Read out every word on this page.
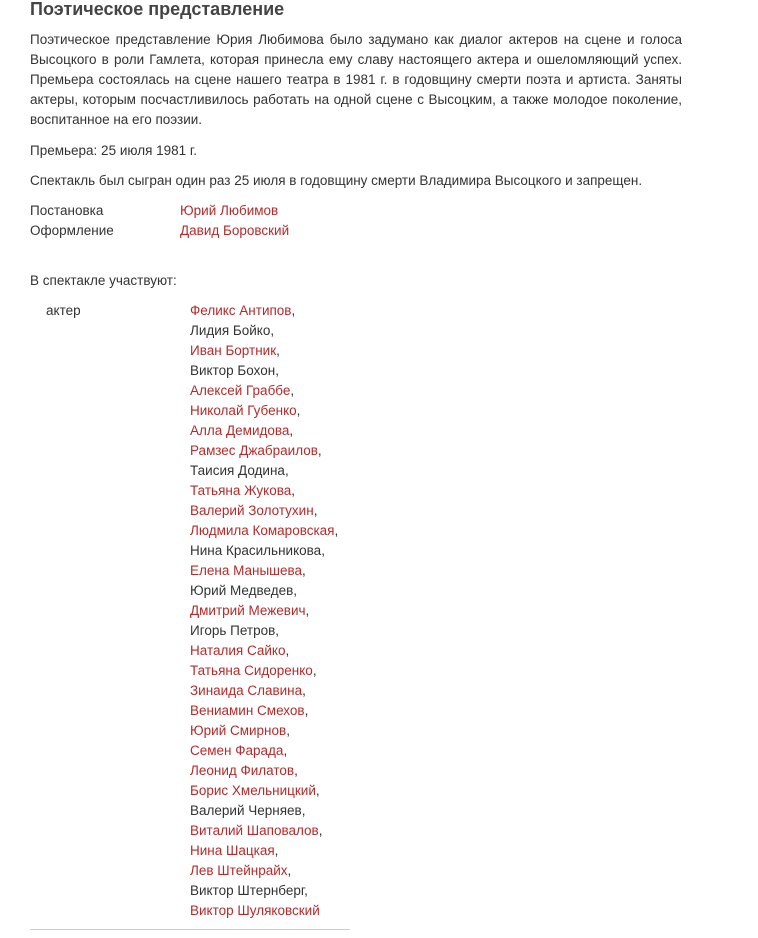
Поэтическое представление

Поэтическое представление Юрия Любимова было задумано как диалог актеров на сцене и голоса Высоцкого в роли Гамлета, которая принесла ему славу настоящего актера и ошеломляющий успех. Премьера состоялась на сцене нашего театра в 1981 г. в годовщину смерти поэта и артиста. Заняты актеры, которым посчастливилось работать на одной сцене с Высоцким, а также молодое поколение, воспитанное на его поэзии.

Премьера: 25 июля 1981 г.

Спектакль был сыгран один раз 25 июля в годовщину смерти Владимира Высоцкого и запрещен.

Постановка	Юрий Любимов
Оформление	Давид Боровский

В спектакле участвуют:

актер	Феликс Антипов,
Лидия Бойко,
Иван Бортник,
Виктор Бохон,
Алексей Граббе,
Николай Губенко,
Алла Демидова,
Рамзес Джабраилов,
Таисия Додина,
Татьяна Жукова,
Валерий Золотухин,
Людмила Комаровская,
Нина Красильникова,
Елена Манышева,
Юрий Медведев,
Дмитрий Межевич,
Игорь Петров,
Наталия Сайко,
Татьяна Сидоренко,
Зинаида Славина,
Вениамин Смехов,
Юрий Смирнов,
Семен Фарада,
Леонид Филатов,
Борис Хмельницкий,
Валерий Черняев,
Виталий Шаповалов,
Нина Шацкая,
Лев Штейнрайх,
Виктор Штернберг,
Виктор Шуляковский
